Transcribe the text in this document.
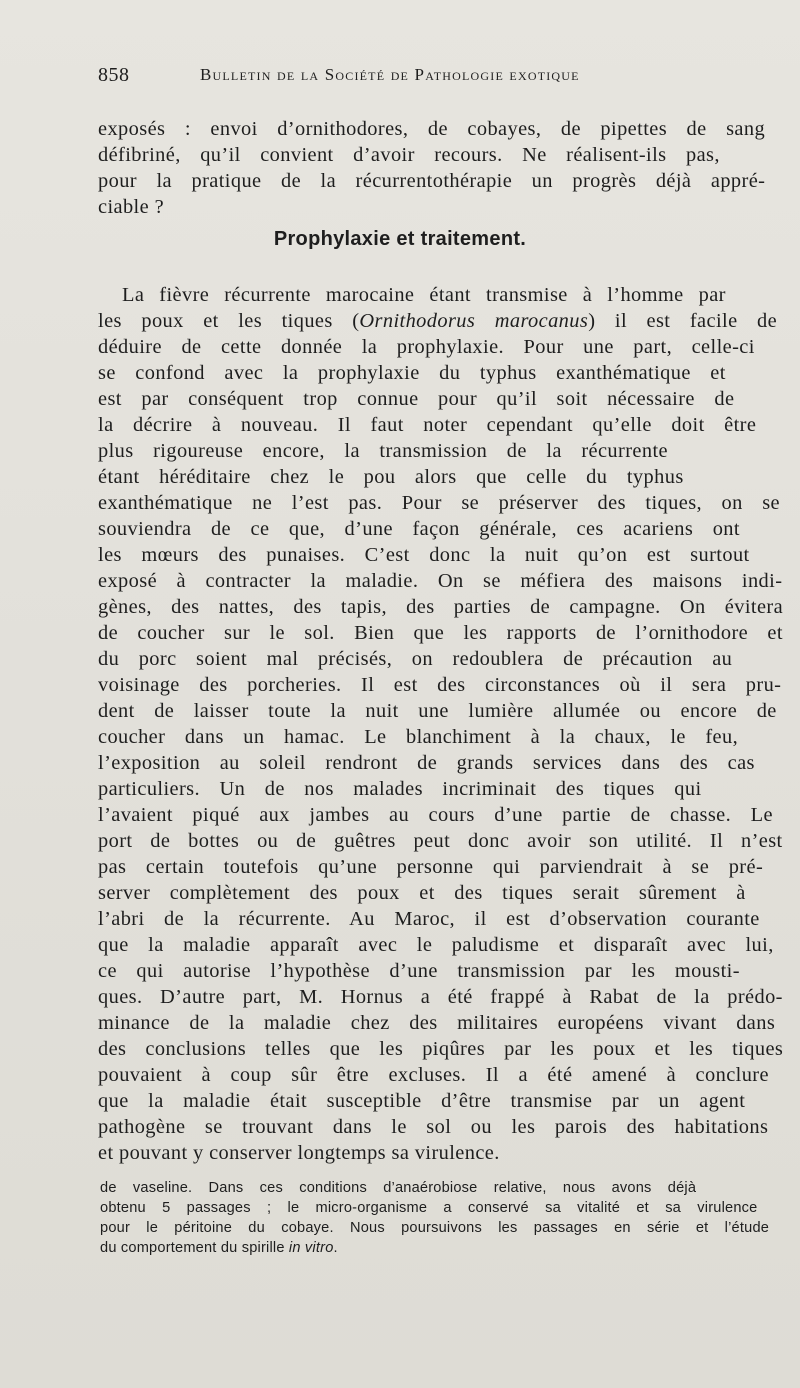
858	Bulletin de la Société de Pathologie exotique
exposés : envoi d’ornithodores, de cobayes, de pipettes de sang
défibriné, qu’il convient d’avoir recours. Ne réalisent-ils pas,
pour la pratique de la récurrentothérapie un progrès déjà appré-
ciable ?
Prophylaxie et traitement.
La fièvre récurrente marocaine étant transmise à l’homme par
les poux et les tiques (Ornithodorus marocanus) il est facile de
déduire de cette donnée la prophylaxie. Pour une part, celle-ci
se confond avec la prophylaxie du typhus exanthématique et
est par conséquent trop connue pour qu’il soit nécessaire de
la décrire à nouveau. Il faut noter cependant qu’elle doit être
plus rigoureuse encore, la transmission de la récurrente
étant héréditaire chez le pou alors que celle du typhus
exanthématique ne l’est pas. Pour se préserver des tiques, on se
souviendra de ce que, d’une façon générale, ces acariens ont
les mœurs des punaises. C’est donc la nuit qu’on est surtout
exposé à contracter la maladie. On se méfiera des maisons indi-
gènes, des nattes, des tapis, des parties de campagne. On évitera
de coucher sur le sol. Bien que les rapports de l’ornithodore et
du porc soient mal précisés, on redoublera de précaution au
voisinage des porcheries. Il est des circonstances où il sera pru-
dent de laisser toute la nuit une lumière allumée ou encore de
coucher dans un hamac. Le blanchiment à la chaux, le feu,
l’exposition au soleil rendront de grands services dans des cas
particuliers. Un de nos malades incriminait des tiques qui
l’avaient piqué aux jambes au cours d’une partie de chasse. Le
port de bottes ou de guêtres peut donc avoir son utilité. Il n’est
pas certain toutefois qu’une personne qui parviendrait à se pré-
server complètement des poux et des tiques serait sûrement à
l’abri de la récurrente. Au Maroc, il est d’observation courante
que la maladie apparaît avec le paludisme et disparaît avec lui,
ce qui autorise l’hypothèse d’une transmission par les mousti-
ques. D’autre part, M. Hornus a été frappé à Rabat de la prédo-
minance de la maladie chez des militaires européens vivant dans
des conclusions telles que les piqûres par les poux et les tiques
pouvaient à coup sûr être excluses. Il a été amené à conclure
que la maladie était susceptible d’être transmise par un agent
pathogène se trouvant dans le sol ou les parois des habitations
et pouvant y conserver longtemps sa virulence.
de vaseline. Dans ces conditions d’anaérobiose relative, nous avons déjà
obtenu 5 passages ; le micro-organisme a conservé sa vitalité et sa virulence
pour le péritoine du cobaye. Nous poursuivons les passages en série et l’étude
du comportement du spirille in vitro.
